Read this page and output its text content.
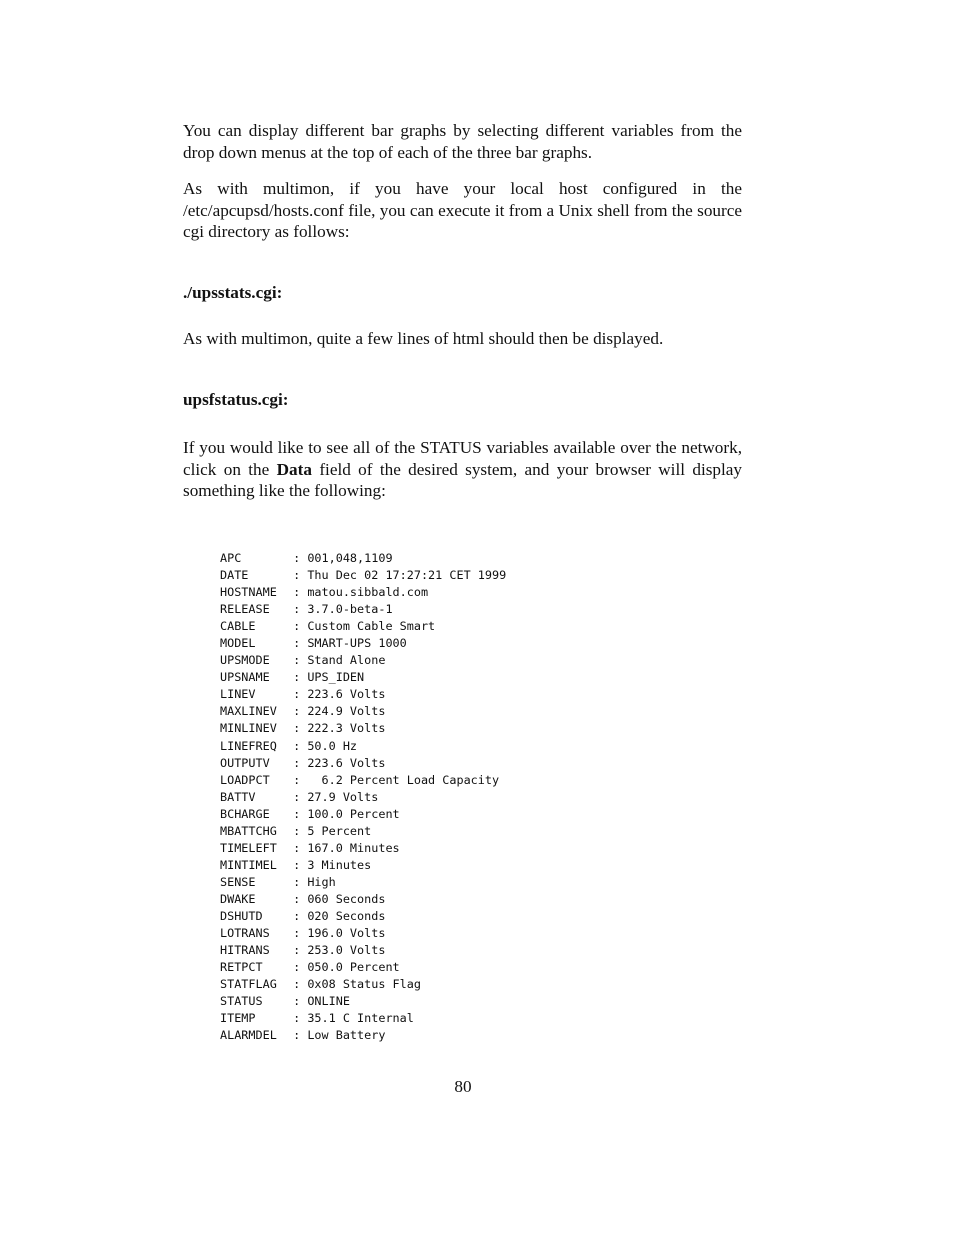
You can display different bar graphs by selecting different variables from the drop down menus at the top of each of the three bar graphs.

As with multimon, if you have your local host configured in the /etc/apcupsd/hosts.conf file, you can execute it from a Unix shell from the source cgi directory as follows:

./upsstats.cgi:

As with multimon, quite a few lines of html should then be displayed.

upsfstatus.cgi:

If you would like to see all of the STATUS variables available over the network, click on the Data field of the desired system, and your browser will display something like the following:

APC	: 001,048,1109
DATE	: Thu Dec 02 17:27:21 CET 1999
HOSTNAME : matou.sibbald.com
RELEASE : 3.7.0-beta-1
CABLE	: Custom Cable Smart
MODEL	: SMART-UPS 1000
UPSMODE : Stand Alone
UPSNAME : UPS_IDEN
LINEV	: 223.6 Volts
MAXLINEV : 224.9 Volts
MINLINEV : 222.3 Volts
LINEFREQ : 50.0 Hz
OUTPUTV : 223.6 Volts
LOADPCT :   6.2 Percent Load Capacity
BATTV	: 27.9 Volts
BCHARGE : 100.0 Percent
MBATTCHG : 5 Percent
TIMELEFT : 167.0 Minutes
MINTIMEL : 3 Minutes
SENSE	: High
DWAKE	: 060 Seconds
DSHUTD : 020 Seconds
LOTRANS : 196.0 Volts
HITRANS : 253.0 Volts
RETPCT : 050.0 Percent
STATFLAG : 0x08 Status Flag
STATUS : ONLINE
ITEMP	: 35.1 C Internal
ALARMDEL : Low Battery
80
